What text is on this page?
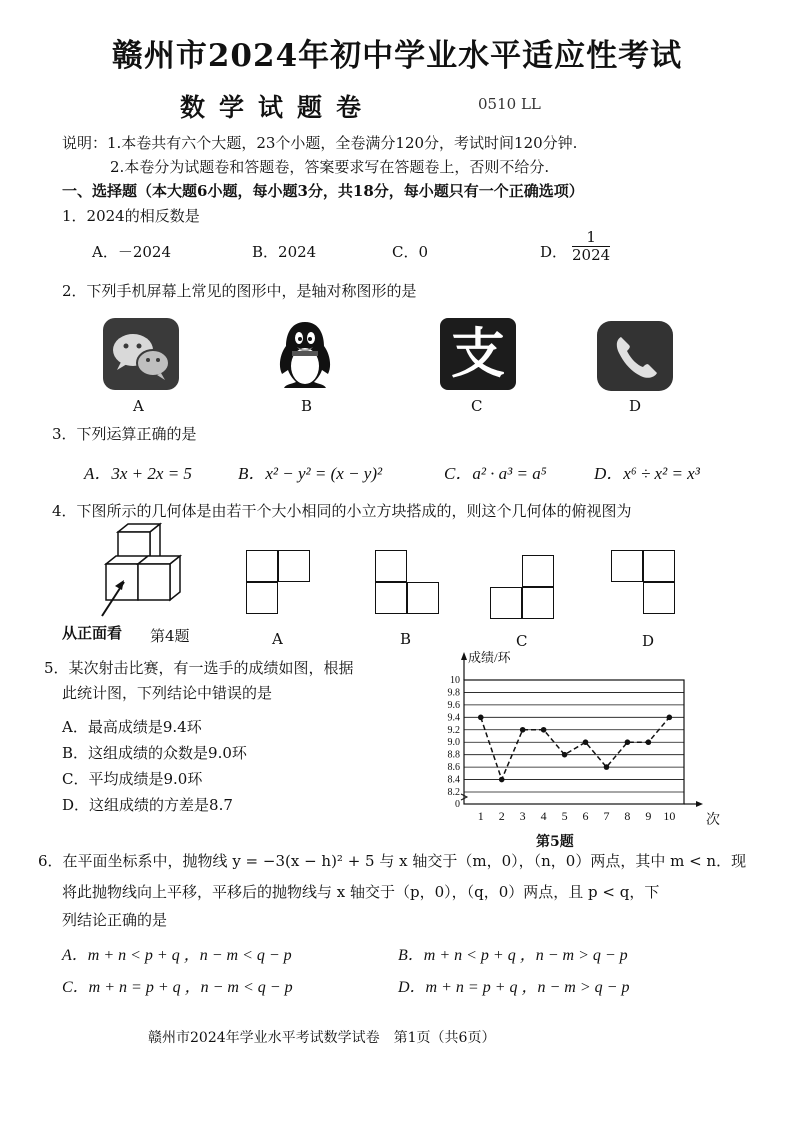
赣州市2024年初中学业水平适应性考试
数学试题卷	0510 LL
说明：1.本卷共有六个大题，23个小题，全卷满分120分，考试时间120分钟.
2.本卷分为试题卷和答题卷，答案要求写在答题卷上，否则不给分.
一、选择题（本大题6小题，每小题3分，共18分，每小题只有一个正确选项）
1．2024的相反数是
A．－2024	B．2024	C．0	D． $\frac{1}{2024}$
2．下列手机屏幕上常见的图形中，是轴对称图形的是
A	B
支
C	D
3．下列运算正确的是
A．3x + 2x = 5	B．x² − y² = (x − y)²	C．a² · a³ = a⁵	D．x⁶ ÷ x² = x³
4．下图所示的几何体是由若干个大小相同的小立方块搭成的，则这个几何体的俯视图为
从正面看 第4题	A	B	C	D
5．某次射击比赛，有一选手的成绩如图，根据
此统计图，下列结论中错误的是
A．最高成绩是9.4环
B．这组成绩的众数是9.0环
C．平均成绩是9.0环
D．这组成绩的方差是8.7	0
8.2
8.4
8.6
8.8
9.0
9.2
9.4
9.6
9.8
10
成绩/环
次
1 2 3 4 5 6 7 8 9 10
第5题
6．在平面坐标系中，抛物线 y = −3(x − h)² + 5 与 x 轴交于（m，0），（n，0）两点，其中 m < n．现
将此抛物线向上平移，平移后的抛物线与 x 轴交于（p，0），（q，0）两点，且 p < q，下
列结论正确的是
A．m + n < p + q ，n − m < q − p	B．m + n < p + q ，n − m > q − p
C．m + n = p + q ，n − m < q − p	D．m + n = p + q ，n − m > q − p
赣州市2024年学业水平考试数学试卷　第1页（共6页）
